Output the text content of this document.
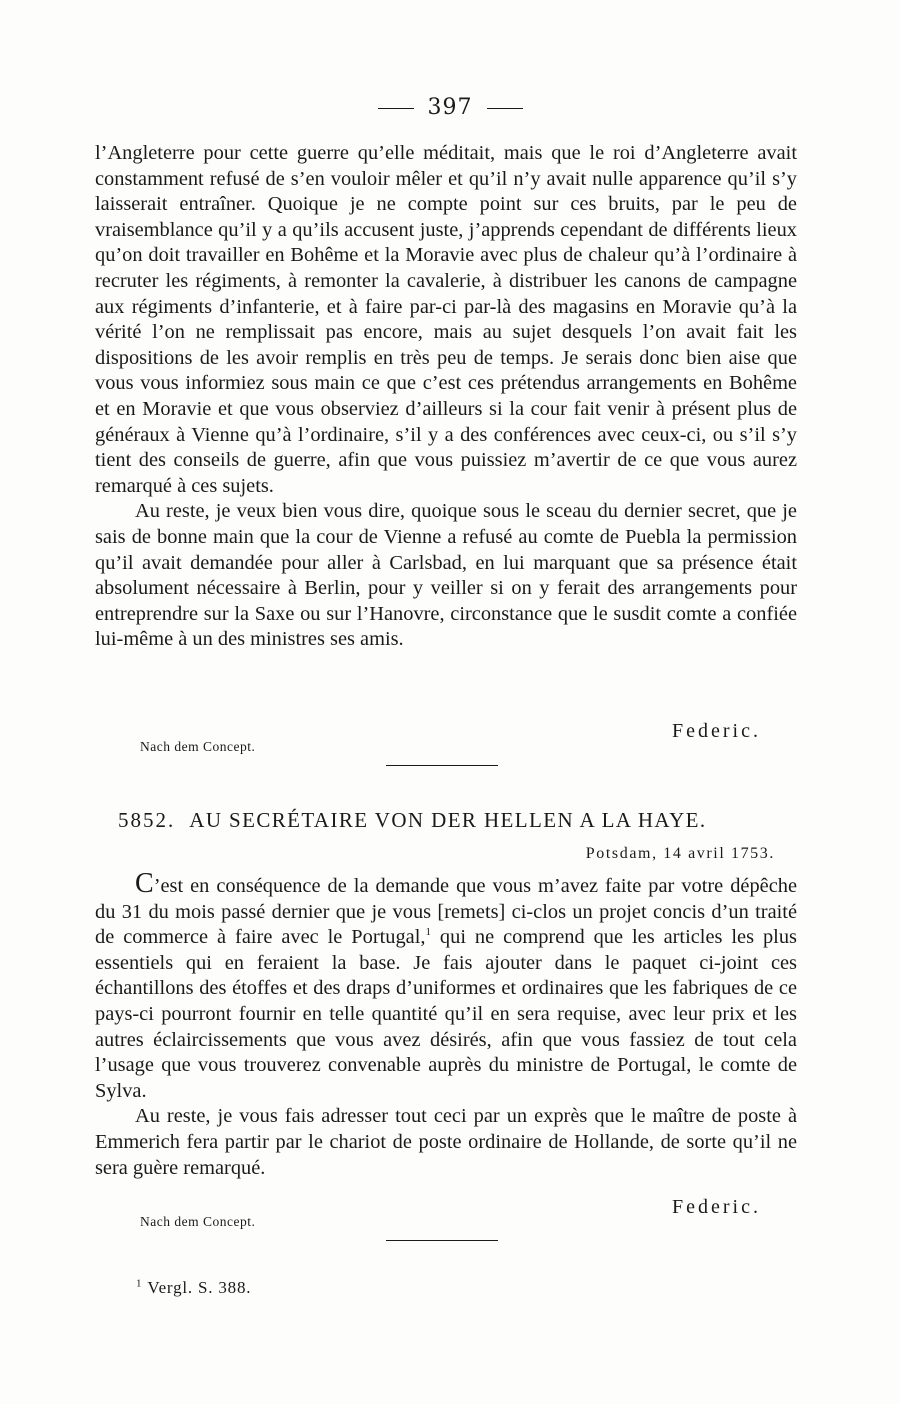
397

l’Angleterre pour cette guerre qu’elle méditait, mais que le roi d’Angleterre avait constamment refusé de s’en vouloir mêler et qu’il n’y avait nulle apparence qu’il s’y laisserait entraîner. Quoique je ne compte point sur ces bruits, par le peu de vraisemblance qu’il y a qu’ils accusent juste, j’apprends cependant de différents lieux qu’on doit travailler en Bohême et la Moravie avec plus de chaleur qu’à l’ordinaire à recruter les régiments, à remonter la cavalerie, à distribuer les canons de campagne aux régiments d’infanterie, et à faire par-ci par-là des magasins en Moravie qu’à la vérité l’on ne remplissait pas encore, mais au sujet desquels l’on avait fait les dispositions de les avoir remplis en très peu de temps. Je serais donc bien aise que vous vous informiez sous main ce que c’est ces prétendus arrangements en Bohême et en Moravie et que vous observiez d’ailleurs si la cour fait venir à présent plus de généraux à Vienne qu’à l’ordinaire, s’il y a des conférences avec ceux-ci, ou s’il s’y tient des conseils de guerre, afin que vous puissiez m’avertir de ce que vous aurez remarqué à ces sujets.

Au reste, je veux bien vous dire, quoique sous le sceau du dernier secret, que je sais de bonne main que la cour de Vienne a refusé au comte de Puebla la permission qu’il avait demandée pour aller à Carlsbad, en lui marquant que sa présence était absolument nécessaire à Berlin, pour y veiller si on y ferait des arrangements pour entreprendre sur la Saxe ou sur l’Hanovre, circonstance que le susdit comte a confiée lui-même à un des ministres ses amis.

Federic.
Nach dem Concept.
5852. AU SECRÉTAIRE VON DER HELLEN A LA HAYE.
Potsdam, 14 avril 1753.

C’est en conséquence de la demande que vous m’avez faite par votre dépêche du 31 du mois passé dernier que je vous [remets] ci-clos un projet concis d’un traité de commerce à faire avec le Portugal,$^1$ qui ne comprend que les articles les plus essentiels qui en feraient la base. Je fais ajouter dans le paquet ci-joint ces échantillons des étoffes et des draps d’uniformes et ordinaires que les fabriques de ce pays-ci pourront fournir en telle quantité qu’il en sera requise, avec leur prix et les autres éclaircissements que vous avez désirés, afin que vous fassiez de tout cela l’usage que vous trouverez convenable auprès du ministre de Portugal, le comte de Sylva.

Au reste, je vous fais adresser tout ceci par un exprès que le maître de poste à Emmerich fera partir par le chariot de poste ordinaire de Hollande, de sorte qu’il ne sera guère remarqué.

Federic.
Nach dem Concept.
$^1$ Vergl. S. 388.
